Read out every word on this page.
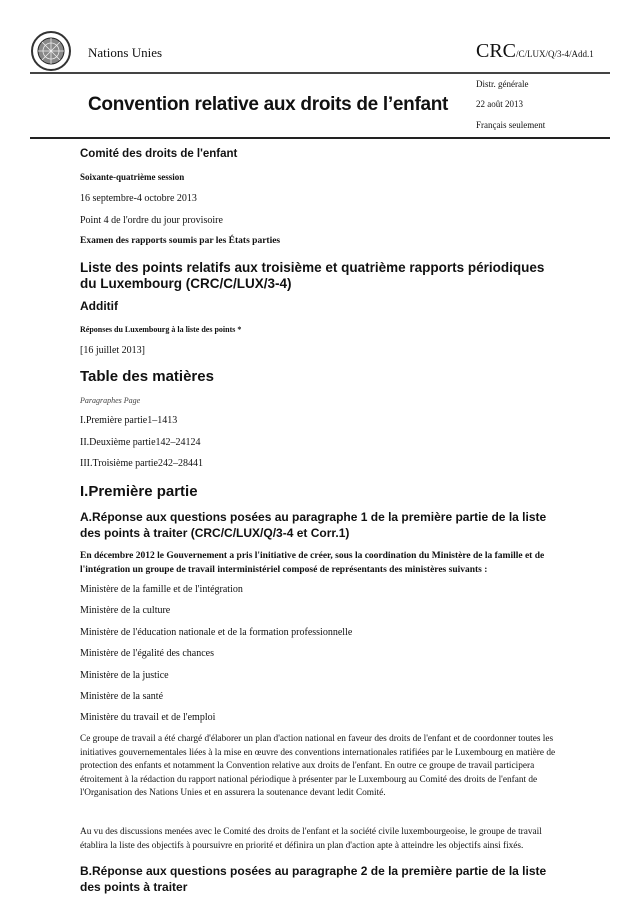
Nations Unies	CRC/C/LUX/Q/3-4/Add.1
Distr. générale
Convention relative aux droits de l’enfant	22 août 2013
Français seulement
Comité des droits de l'enfant
Soixante-quatrième session
16 septembre-4 octobre 2013
Point 4 de l'ordre du jour provisoire
Examen des rapports soumis par les États parties
Liste des points relatifs aux troisième et quatrième rapports périodiques du Luxembourg (CRC/C/LUX/3-4)
Additif
Réponses du Luxembourg à la liste des points *
[16 juillet 2013]
Table des matières
Paragraphes Page
I.Première partie1–1413
II.Deuxième partie142–24124
III.Troisième partie242–28441
I.Première partie
A.Réponse aux questions posées au paragraphe 1 de la première partie de la liste des points à traiter (CRC/C/LUX/Q/3-4 et Corr.1)
En décembre 2012 le Gouvernement a pris l'initiative de créer, sous la coordination du Ministère de la famille et de l'intégration un groupe de travail interministériel composé de représentants des ministères suivants :
Ministère de la famille et de l'intégration
Ministère de la culture
Ministère de l'éducation nationale et de la formation professionnelle
Ministère de l'égalité des chances
Ministère de la justice
Ministère de la santé
Ministère du travail et de l'emploi
Ce groupe de travail a été chargé d'élaborer un plan d'action national en faveur des droits de l'enfant et de coordonner toutes les initiatives gouvernementales liées à la mise en œuvre des conventions internationales ratifiées par le Luxembourg en matière de protection des enfants et notamment la Convention relative aux droits de l'enfant. En outre ce groupe de travail participera étroitement à la rédaction du rapport national périodique à présenter par le Luxembourg au Comité des droits de l'enfant de l'Organisation des Nations Unies et en assurera la soutenance devant ledit Comité.
Au vu des discussions menées avec le Comité des droits de l'enfant et la société civile luxembourgeoise, le groupe de travail établira la liste des objectifs à poursuivre en priorité et définira un plan d'action apte à atteindre les objectifs ainsi fixés.
B.Réponse aux questions posées au paragraphe 2 de la première partie de la liste des points à traiter
